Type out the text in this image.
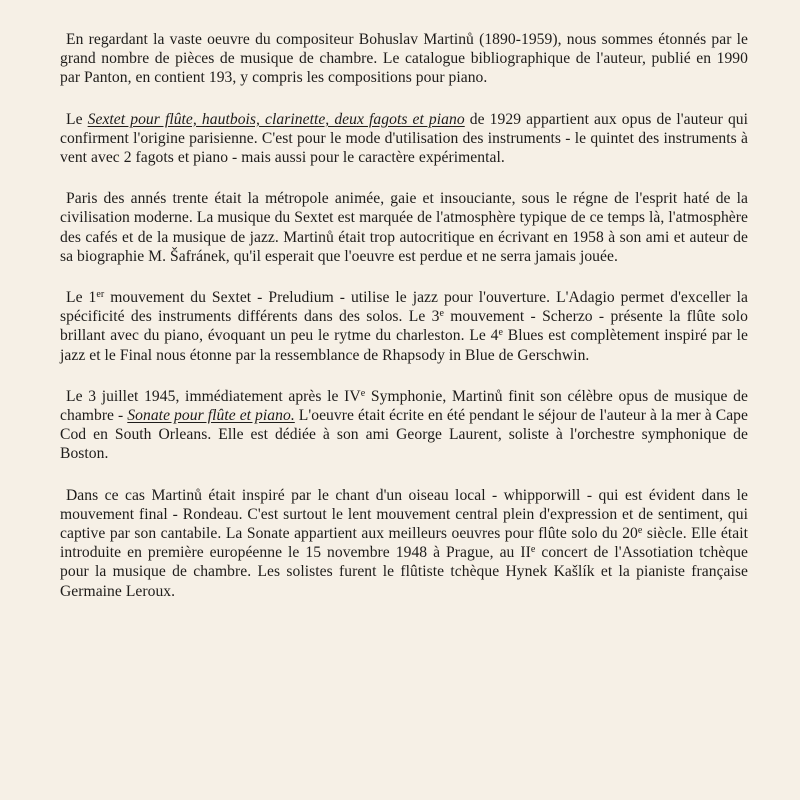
En regardant la vaste oeuvre du compositeur Bohuslav Martinů (1890-1959), nous sommes étonnés par le grand nombre de pièces de musique de chambre. Le catalogue bibliographique de l'auteur, publié en 1990 par Panton, en contient 193, y compris les compositions pour piano.

Le Sextet pour flûte, hautbois, clarinette, deux fagots et piano de 1929 appartient aux opus de l'auteur qui confirment l'origine parisienne. C'est pour le mode d'utilisation des instruments - le quintet des instruments à vent avec 2 fagots et piano - mais aussi pour le caractère expérimental.

Paris des annés trente était la métropole animée, gaie et insouciante, sous le régne de l'esprit haté de la civilisation moderne. La musique du Sextet est marquée de l'atmosphère typique de ce temps là, l'atmosphère des cafés et de la musique de jazz. Martinů était trop autocritique en écrivant en 1958 à son ami et auteur de sa biographie M. Šafránek, qu'il esperait que l'oeuvre est perdue et ne serra jamais jouée.

Le 1er mouvement du Sextet - Preludium - utilise le jazz pour l'ouverture. L'Adagio permet d'exceller la spécificité des instruments différents dans des solos. Le 3e mouvement - Scherzo - présente la flûte solo brillant avec du piano, évoquant un peu le rytme du charleston. Le 4e Blues est complètement inspiré par le jazz et le Final nous étonne par la ressemblance de Rhapsody in Blue de Gerschwin.

Le 3 juillet 1945, immédiatement après le IVe Symphonie, Martinů finit son célèbre opus de musique de chambre - Sonate pour flûte et piano. L'oeuvre était écrite en été pendant le séjour de l'auteur à la mer à Cape Cod en South Orleans. Elle est dédiée à son ami George Laurent, soliste à l'orchestre symphonique de Boston.

Dans ce cas Martinů était inspiré par le chant d'un oiseau local - whipporwill - qui est évident dans le mouvement final - Rondeau. C'est surtout le lent mouvement central plein d'expression et de sentiment, qui captive par son cantabile. La Sonate appartient aux meilleurs oeuvres pour flûte solo du 20e siècle. Elle était introduite en première européenne le 15 novembre 1948 à Prague, au IIe concert de l'Assotiation tchèque pour la musique de chambre. Les solistes furent le flûtiste tchèque Hynek Kašlík et la pianiste française Germaine Leroux.
